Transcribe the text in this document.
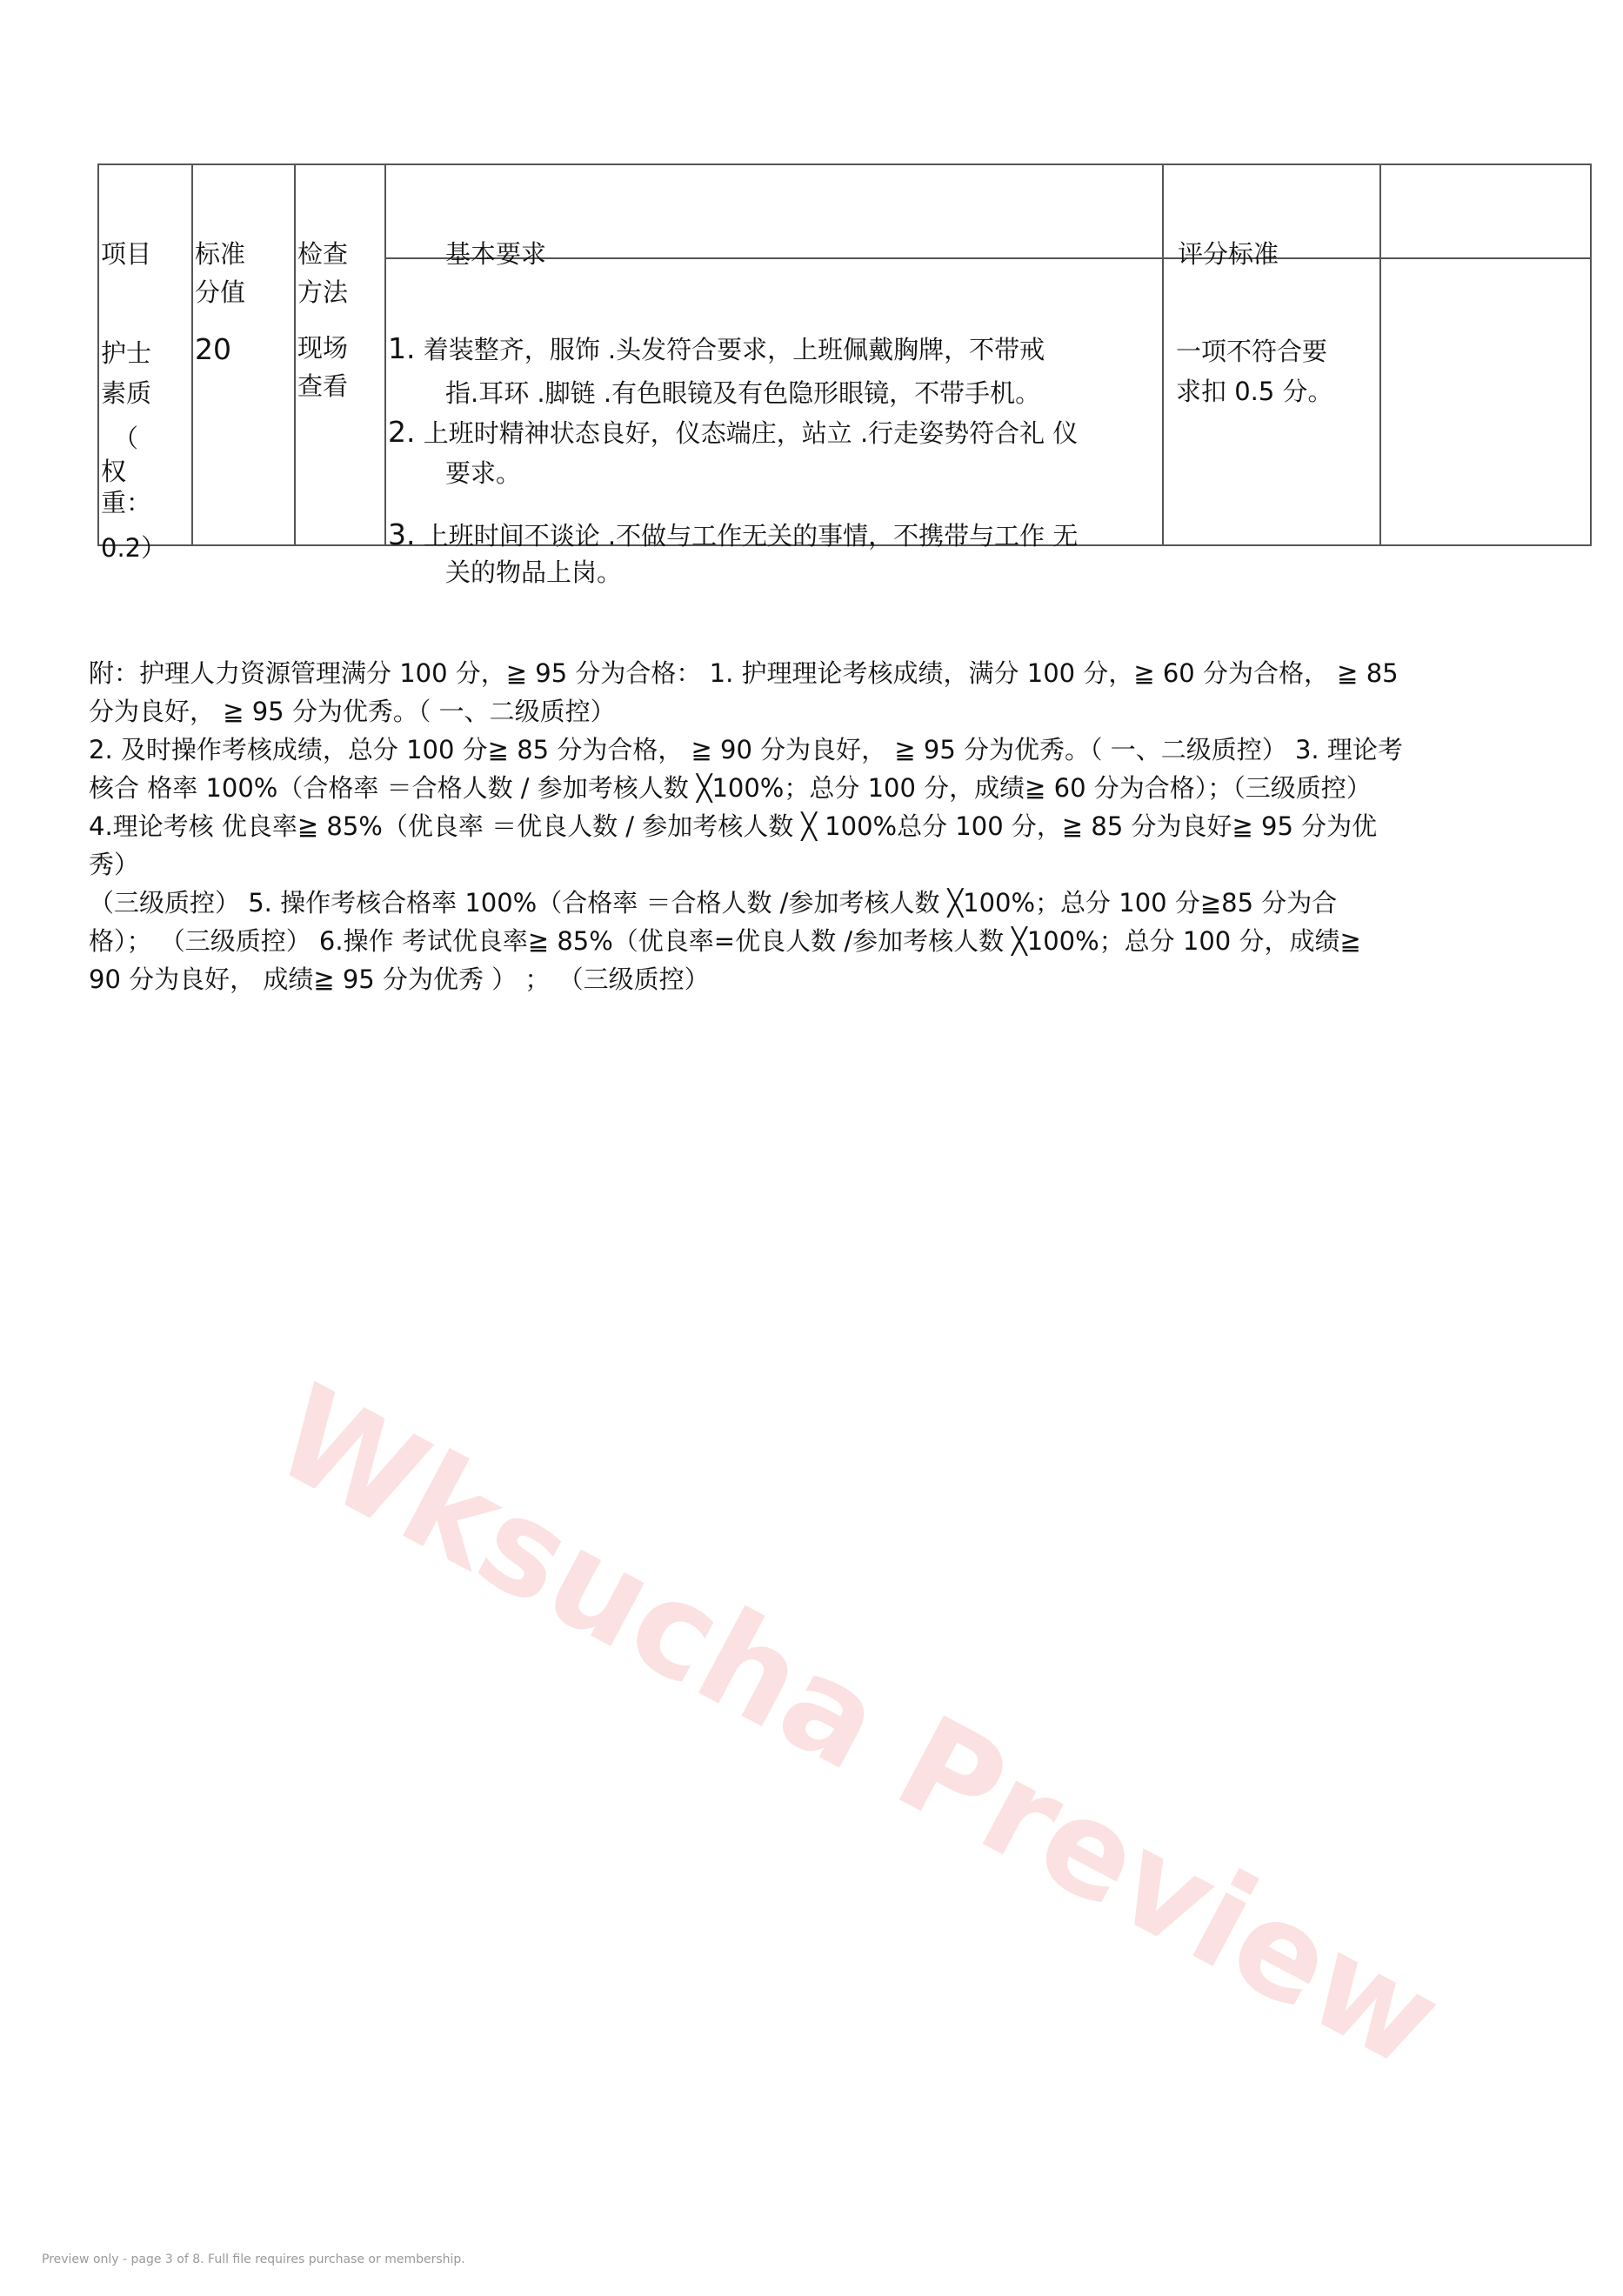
项目 标准
分值
检查
方法
基本要求	评分标准
护士
素质
（
权
重：
0.2）
20	现场
查看
1. 着装整齐，服饰 .头发符合要求，上班佩戴胸牌，不带戒
指.耳环 .脚链 .有色眼镜及有色隐形眼镜，不带手机。
2. 上班时精神状态良好，仪态端庄，站立 .行走姿势符合礼 仪
要求。
3. 上班时间不谈论 .不做与工作无关的事情，不携带与工作 无
关的物品上岗。
一项不符合要
求扣 0.5 分。
附：护理人力资源管理满分 100 分，≧ 95 分为合格： 1. 护理理论考核成绩，满分 100 分，≧ 60 分为合格， ≧ 85
分为良好， ≧ 95 分为优秀。（ 一、二级质控）
2. 及时操作考核成绩，总分 100 分≧ 85 分为合格， ≧ 90 分为良好， ≧ 95 分为优秀。（ 一、二级质控） 3. 理论考
核合 格率 100%（合格率 ＝合格人数 / 参加考核人数 ╳100%；总分 100 分，成绩≧ 60 分为合格）；（三级质控）
4.理论考核 优良率≧ 85%（优良率 ＝优良人数 / 参加考核人数 ╳ 100%总分 100 分，≧ 85 分为良好≧ 95 分为优
秀）
（三级质控） 5. 操作考核合格率 100%（合格率 ＝合格人数 /参加考核人数 ╳100%；总分 100 分≧85 分为合
格）； （三级质控） 6.操作 考试优良率≧ 85%（优良率=优良人数 /参加考核人数 ╳100%；总分 100 分，成绩≧
90 分为良好， 成绩≧ 95 分为优秀 ） ； （三级质控）
Wksucha Preview
Preview only - page 3 of 8. Full file requires purchase or membership.
